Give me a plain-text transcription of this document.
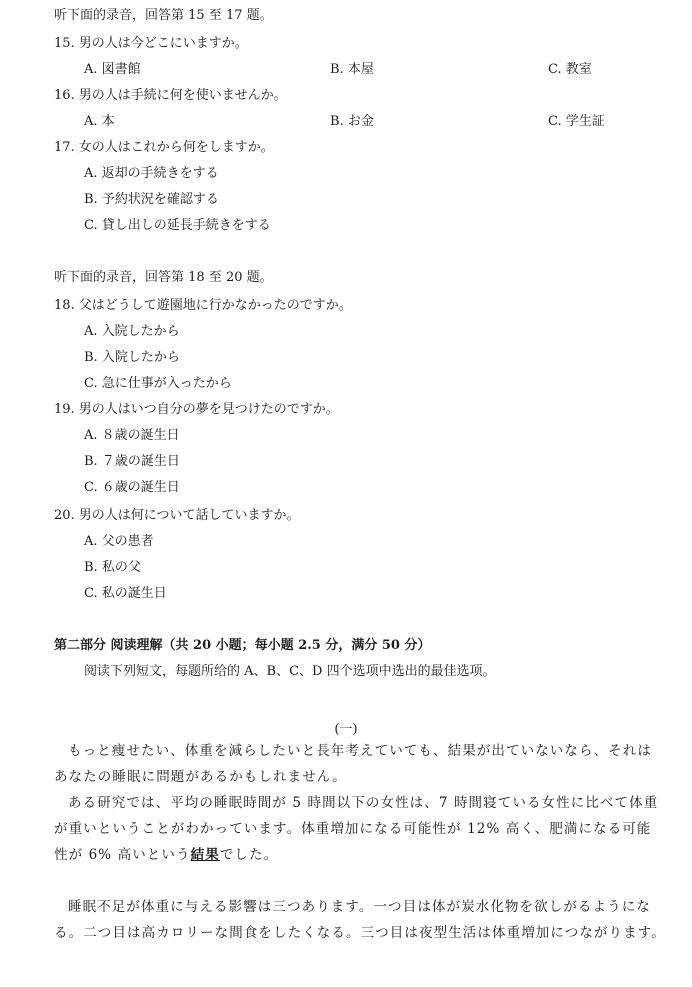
听下面的录音，回答第 15 至 17 题。
15. 男の人は今どこにいますか。
A. 図書館	B. 本屋	C. 教室
16. 男の人は手続に何を使いませんか。
A. 本	B. お金	C. 学生証
17. 女の人はこれから何をしますか。
A. 返却の手続きをする
B. 予約状況を確認する
C. 貸し出しの延長手続きをする
听下面的录音，回答第 18 至 20 题。
18. 父はどうして遊園地に行かなかったのですか。
A. 入院したから
B. 入院したから
C. 急に仕事が入ったから
19. 男の人はいつ自分の夢を見つけたのですか。
A. ８歳の誕生日
B. ７歳の誕生日
C. ６歳の誕生日
20. 男の人は何について話していますか。
A. 父の患者
B. 私の父
C. 私の誕生日
第二部分 阅读理解（共 20 小题；每小题 2.5 分，满分 50 分）
阅读下列短文，每题所给的 A、B、C、D 四个选项中选出的最佳选项。
(一)
もっと痩せたい、体重を減らしたいと長年考えていても、結果が出ていないなら、それはあなたの睡眠に問題があるかもしれません。
ある研究では、平均の睡眠時間が 5 時間以下の女性は、7 時間寝ている女性に比べて体重が重いということがわかっています。体重増加になる可能性が 12% 高く、肥満になる可能性が 6% 高いという結果でした。
睡眠不足が体重に与える影響は三つあります。一つ目は体が炭水化物を欲しがるようになる。二つ目は高カロリーな間食をしたくなる。三つ目は夜型生活は体重増加につながります。
